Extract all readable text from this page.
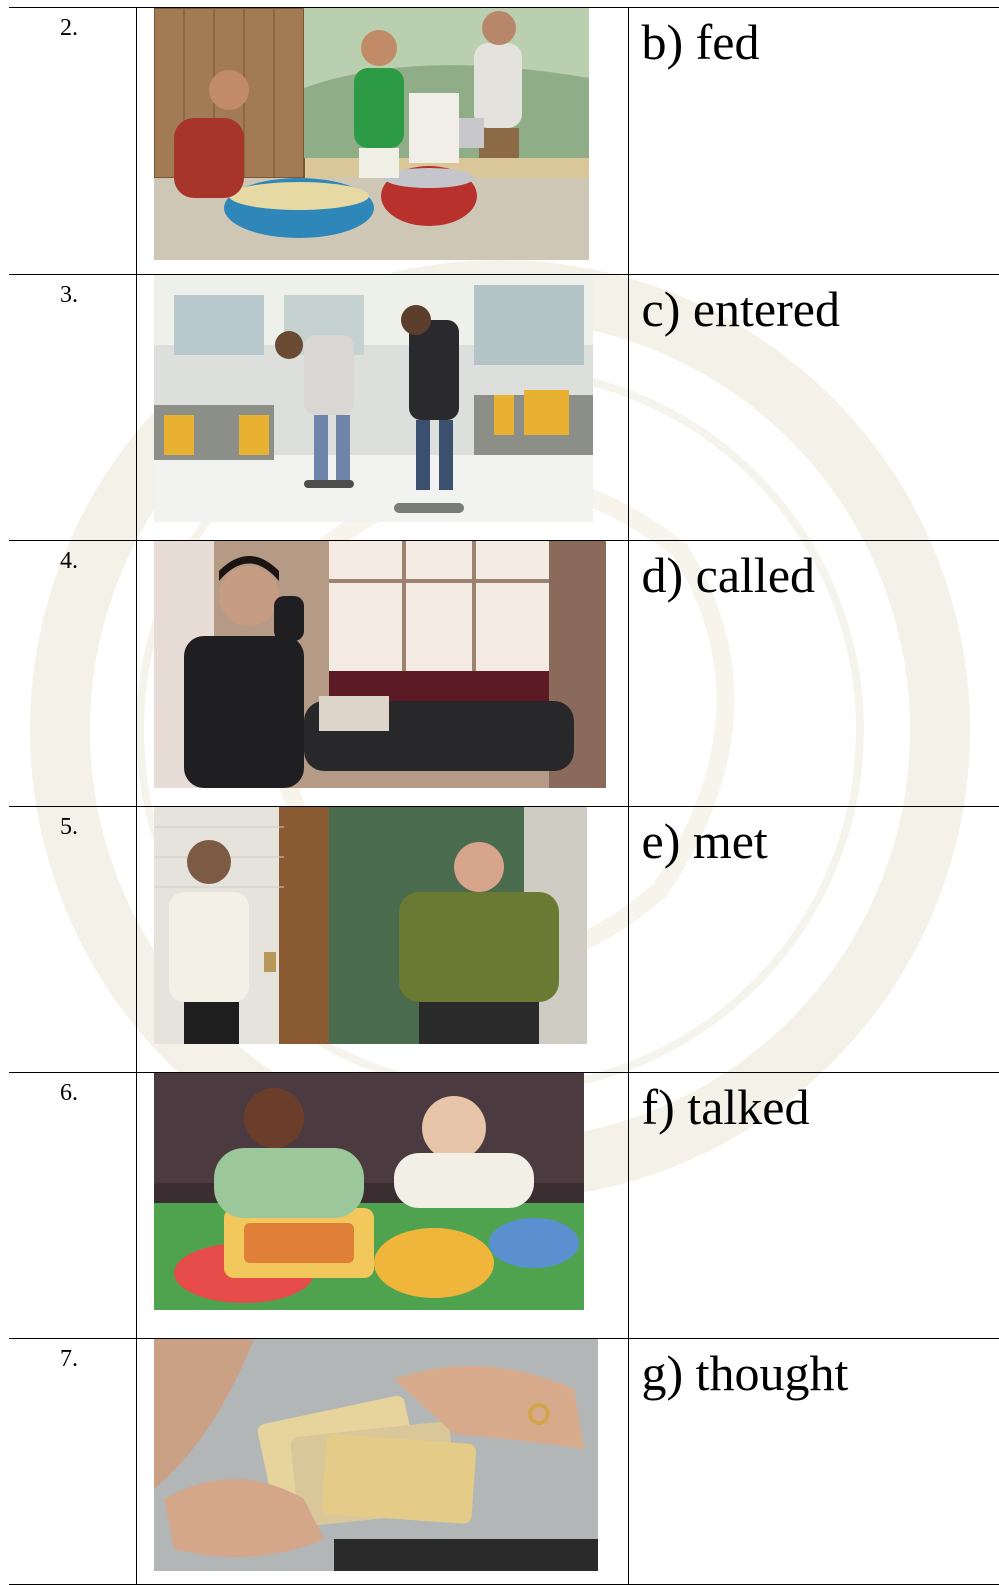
2.		b) fed

3.		c) entered

4.		d) called

5.		e) met

6.		f) talked

7.		g) thought
